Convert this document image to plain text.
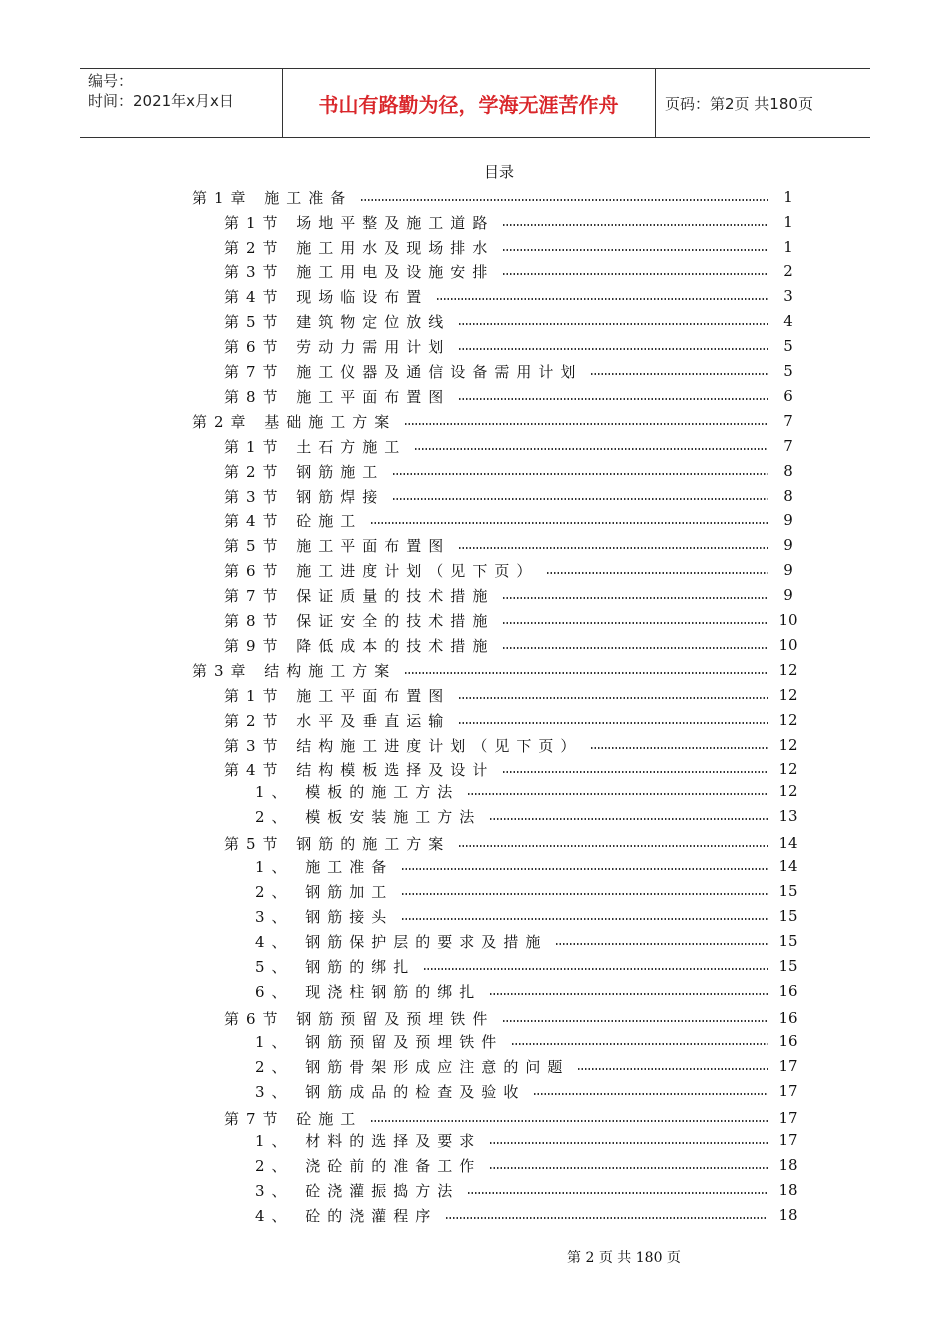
编号：
时间：2021年x月x日	书山有路勤为径，学海无涯苦作舟	页码：第2页 共180页
目录
第1章 施工准备	1
第1节 场地平整及施工道路	1
第2节 施工用水及现场排水	1
第3节 施工用电及设施安排	2
第4节 现场临设布置	3
第5节 建筑物定位放线	4
第6节 劳动力需用计划	5
第7节 施工仪器及通信设备需用计划	5
第8节 施工平面布置图	6
第2章 基础施工方案	7
第1节 土石方施工	7
第2节 钢筋施工	8
第3节 钢筋焊接	8
第4节 砼施工	9
第5节 施工平面布置图	9
第6节 施工进度计划（见下页）	9
第7节 保证质量的技术措施	9
第8节 保证安全的技术措施	10
第9节 降低成本的技术措施	10
第3章 结构施工方案	12
第1节 施工平面布置图	12
第2节 水平及垂直运输	12
第3节 结构施工进度计划（见下页）	12
第4节 结构模板选择及设计	12
1、 模板的施工方法	12
2、 模板安装施工方法	13
第5节 钢筋的施工方案	14
1、 施工准备	14
2、 钢筋加工	15
3、 钢筋接头	15
4、 钢筋保护层的要求及措施	15
5、 钢筋的绑扎	15
6、 现浇柱钢筋的绑扎	16
第6节 钢筋预留及预埋铁件	16
1、 钢筋预留及预埋铁件	16
2、 钢筋骨架形成应注意的问题	17
3、 钢筋成品的检查及验收	17
第7节 砼施工	17
1、 材料的选择及要求	17
2、 浇砼前的准备工作	18
3、 砼浇灌振捣方法	18
4、 砼的浇灌程序	18
第 2 页 共 180 页
